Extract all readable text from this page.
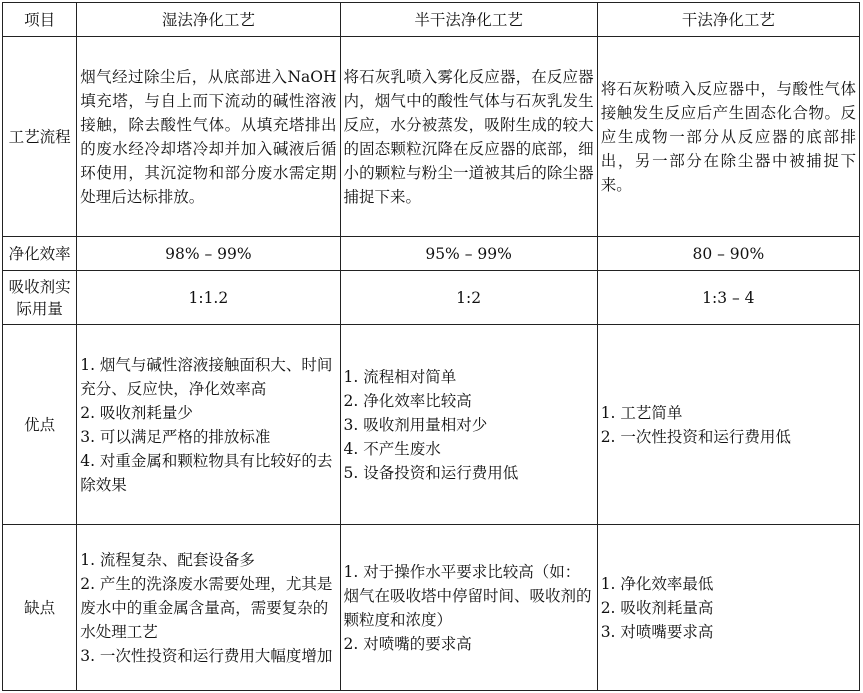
项目	湿法净化工艺	半干法净化工艺	干法净化工艺
工艺流程	烟气经过除尘后，从底部进入NaOH 填充塔，与自上而下流动的碱性溶液接触，除去酸性气体。从填充塔排出的废水经冷却塔冷却并加入碱液后循环使用，其沉淀物和部分废水需定期处理后达标排放。	将石灰乳喷入雾化反应器，在反应器内，烟气中的酸性气体与石灰乳发生反应，水分被蒸发，吸附生成的较大的固态颗粒沉降在反应器的底部，细小的颗粒与粉尘一道被其后的除尘器捕捉下来。	将石灰粉喷入反应器中，与酸性气体接触发生反应后产生固态化合物。反应生成物一部分从反应器的底部排出，另一部分在除尘器中被捕捉下来。
净化效率	98% – 99%	95% – 99%	80 – 90%

吸收剂实
际用量	1:1.2	1:2	1:3 – 4
优点	1. 烟气与碱性溶液接触面积大、时间充分、反应快，净化效率高
2. 吸收剂耗量少
3. 可以满足严格的排放标准
4. 对重金属和颗粒物具有比较好的去除效果	1. 流程相对简单
2. 净化效率比较高
3. 吸收剂用量相对少
4. 不产生废水
5. 设备投资和运行费用低	1. 工艺简单
2. 一次性投资和运行费用低

缺点	1. 流程复杂、配套设备多
2. 产生的洗涤废水需要处理，尤其是废水中的重金属含量高，需要复杂的水处理工艺
3. 一次性投资和运行费用大幅度增加	1. 对于操作水平要求比较高（如：烟气在吸收塔中停留时间、吸收剂的颗粒度和浓度）
2. 对喷嘴的要求高	1. 净化效率最低
2. 吸收剂耗量高
3. 对喷嘴要求高
